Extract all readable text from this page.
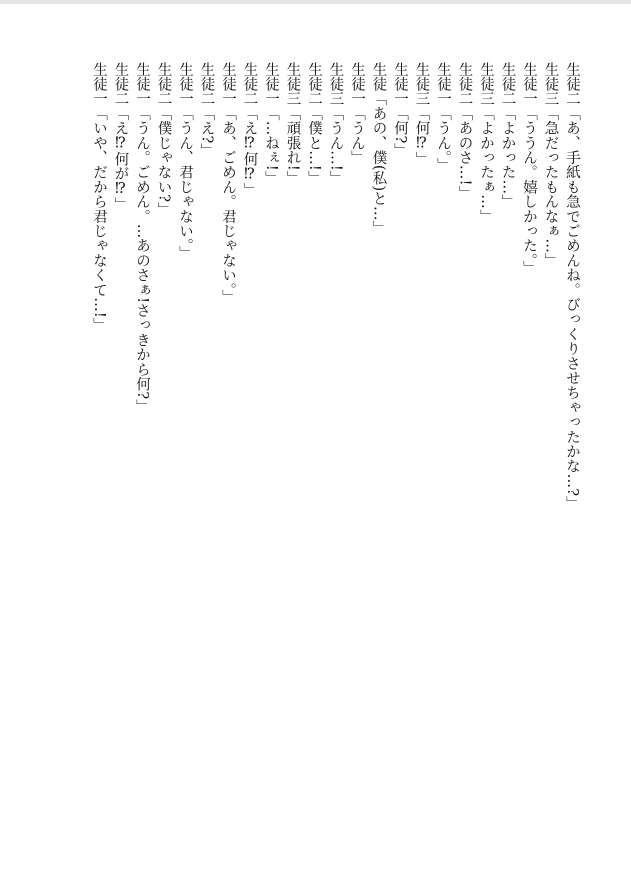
生徒二「あ、手紙も急でごめんね。びっくりさせちゃったかな…?」
生徒三「急だったもんなぁ…」
生徒一「ううん。嬉しかった。」
生徒二「よかった…」
生徒三「よかったぁ…」
生徒二「あのさ…!」
生徒一「うん。」
生徒三「何⁉」
生徒一「何?」
生徒「あの、僕(私)と…」
生徒一「うん」
生徒三「うん…!」
生徒二「僕と…!」
生徒三「頑張れ!」
生徒一「…ねぇ!」
生徒二「え⁉何⁉」
生徒一「あ、ごめん。君じゃない。」
生徒二「え?」
生徒一「うん、君じゃない。」
生徒二「僕じゃない?」
生徒一「うん。ごめん。…あのさぁ!さっきから何?」
生徒二「え⁉何が⁉」
生徒一「いや、だから君じゃなくて…!」
